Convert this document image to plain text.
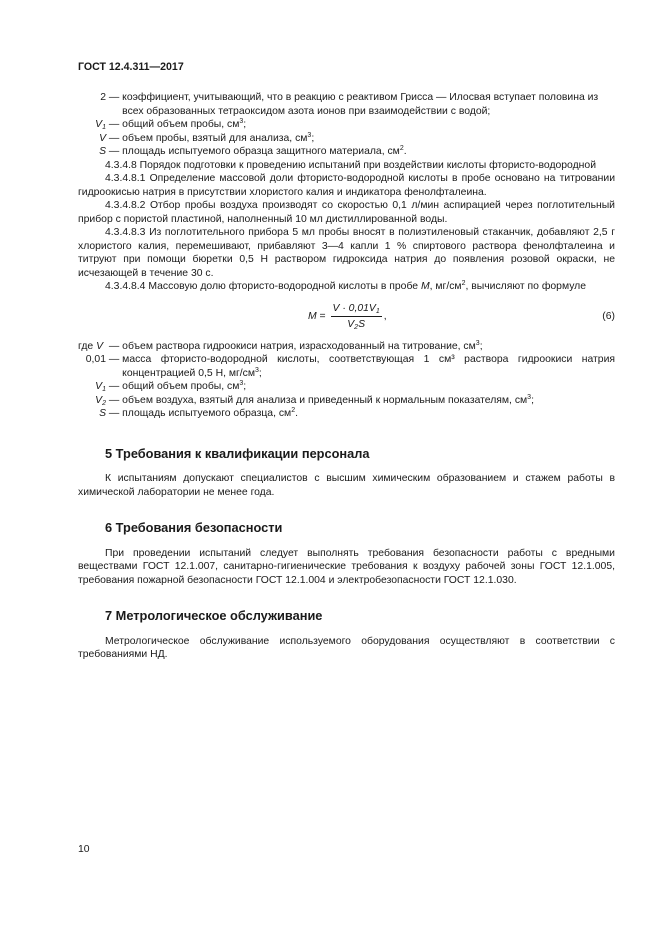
ГОСТ 12.4.311—2017
2 — коэффициент, учитывающий, что в реакцию с реактивом Грисса — Илосвая вступает половина из всех образованных тетраоксидом азота ионов при взаимодействии с водой;
$V_1$ — общий объем пробы, $см^3$;
V — объем пробы, взятый для анализа, $см^3$;
S — площадь испытуемого образца защитного материала, $см^2$.

4.3.4.8 Порядок подготовки к проведению испытаний при воздействии кислоты фтористо-водородной

4.3.4.8.1 Определение массовой доли фтористо-водородной кислоты в пробе основано на титровании гидроокисью натрия в присутствии хлористого калия и индикатора фенолфталеина.

4.3.4.8.2 Отбор пробы воздуха производят со скоростью 0,1 л/мин аспирацией через поглотительный прибор с пористой пластиной, наполненный 10 мл дистиллированной воды.

4.3.4.8.3 Из поглотительного прибора 5 мл пробы вносят в полиэтиленовый стаканчик, добавляют 2,5 г хлористого калия, перемешивают, прибавляют 3—4 капли 1 % спиртового раствора фенолфталеина и титруют при помощи бюретки 0,5 Н раствором гидроксида натрия до появления розовой окраски, не исчезающей в течение 30 с.

4.3.4.8.4 Массовую долю фтористо-водородной кислоты в пробе M, $мг/см^2$, вычисляют по формуле

$M = \frac{V \cdot 0,01V_1}{V_2S}$ ,	(6)
где V — объем раствора гидроокиси натрия, израсходованный на титрование, $см^3$;
0,01 — масса фтористо-водородной кислоты, соответствующая 1 см³ раствора гидроокиси натрия концентрацией 0,5 Н, $мг/см^3$;
$V_1$ — общий объем пробы, $см^3$;
$V_2$ — объем воздуха, взятый для анализа и приведенный к нормальным показателям, $см^3$;
S — площадь испытуемого образца, $см^2$.
5 Требования к квалификации персонала

К испытаниям допускают специалистов с высшим химическим образованием и стажем работы в химической лаборатории не менее года.

6 Требования безопасности

При проведении испытаний следует выполнять требования безопасности работы с вредными веществами ГОСТ 12.1.007, санитарно-гигиенические требования к воздуху рабочей зоны ГОСТ 12.1.005, требования пожарной безопасности ГОСТ 12.1.004 и электробезопасности ГОСТ 12.1.030.

7 Метрологическое обслуживание

Метрологическое обслуживание используемого оборудования осуществляют в соответствии с требованиями НД.

10
